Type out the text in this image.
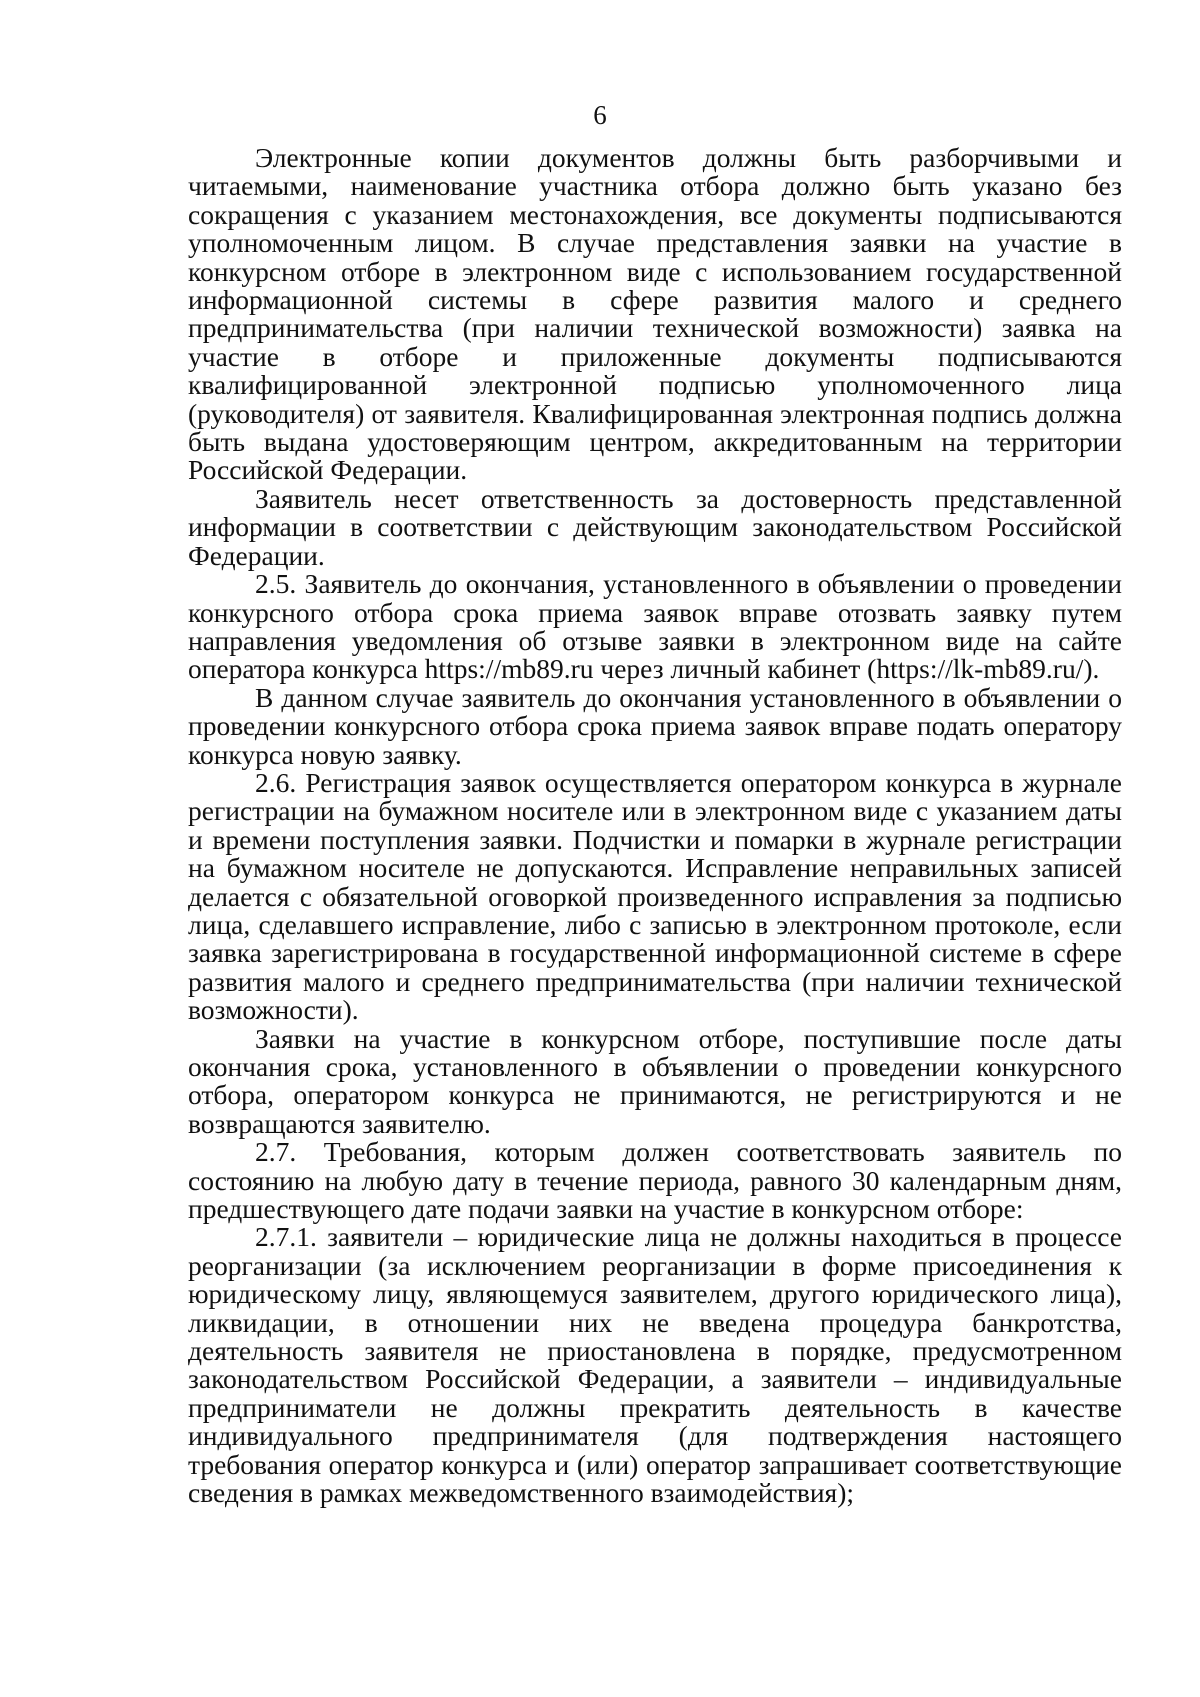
6

Электронные копии документов должны быть разборчивыми и читаемыми, наименование участника отбора должно быть указано без сокращения с указанием местонахождения, все документы подписываются уполномоченным лицом. В случае представления заявки на участие в конкурсном отборе в электронном виде с использованием государственной информационной системы в сфере развития малого и среднего предпринимательства (при наличии технической возможности) заявка на участие в отборе и приложенные документы подписываются квалифицированной электронной подписью уполномоченного лица (руководителя) от заявителя. Квалифицированная электронная подпись должна быть выдана удостоверяющим центром, аккредитованным на территории Российской Федерации.

Заявитель несет ответственность за достоверность представленной информации в соответствии с действующим законодательством Российской Федерации.

2.5. Заявитель до окончания, установленного в объявлении о проведении конкурсного отбора срока приема заявок вправе отозвать заявку путем направления уведомления об отзыве заявки в электронном виде на сайте оператора конкурса https://mb89.ru через личный кабинет (https://lk-mb89.ru/).

В данном случае заявитель до окончания установленного в объявлении о проведении конкурсного отбора срока приема заявок вправе подать оператору конкурса новую заявку.

2.6. Регистрация заявок осуществляется оператором конкурса в журнале регистрации на бумажном носителе или в электронном виде с указанием даты и времени поступления заявки. Подчистки и помарки в журнале регистрации на бумажном носителе не допускаются. Исправление неправильных записей делается с обязательной оговоркой произведенного исправления за подписью лица, сделавшего исправление, либо с записью в электронном протоколе, если заявка зарегистрирована в государственной информационной системе в сфере развития малого и среднего предпринимательства (при наличии технической возможности).

Заявки на участие в конкурсном отборе, поступившие после даты окончания срока, установленного в объявлении о проведении конкурсного отбора, оператором конкурса не принимаются, не регистрируются и не возвращаются заявителю.

2.7. Требования, которым должен соответствовать заявитель по состоянию на любую дату в течение периода, равного 30 календарным дням, предшествующего дате подачи заявки на участие в конкурсном отборе:

2.7.1. заявители – юридические лица не должны находиться в процессе реорганизации (за исключением реорганизации в форме присоединения к юридическому лицу, являющемуся заявителем, другого юридического лица), ликвидации, в отношении них не введена процедура банкротства, деятельность заявителя не приостановлена в порядке, предусмотренном законодательством Российской Федерации, а заявители – индивидуальные предприниматели не должны прекратить деятельность в качестве индивидуального предпринимателя (для подтверждения настоящего требования оператор конкурса и (или) оператор запрашивает соответствующие сведения в рамках межведомственного взаимодействия);
